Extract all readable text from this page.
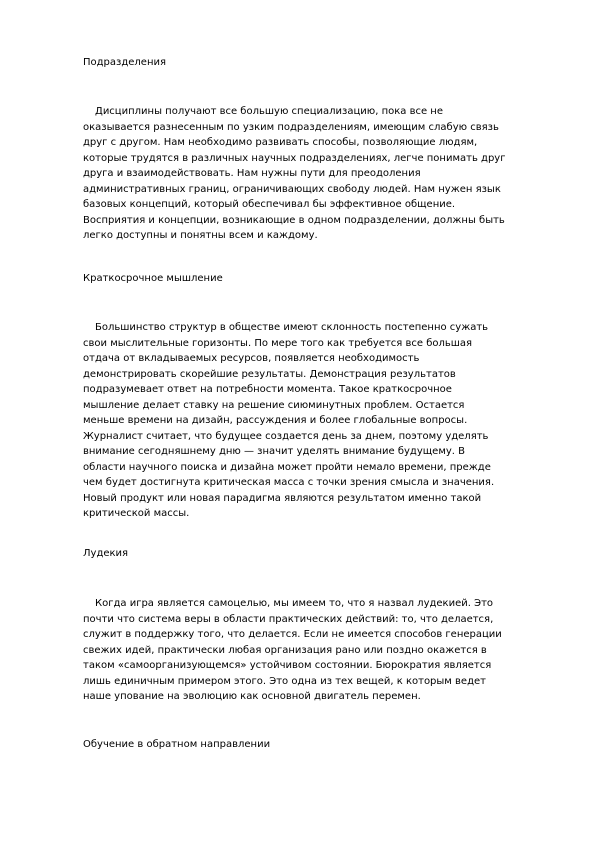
Подразделения
Дисциплины получают все большую специализацию, пока все не
оказывается разнесенным по узким подразделениям, имеющим слабую связь
друг с другом. Нам необходимо развивать способы, позволяющие людям,
которые трудятся в различных научных подразделениях, легче понимать друг
друга и взаимодействовать. Нам нужны пути для преодоления
административных границ, ограничивающих свободу людей. Нам нужен язык
базовых концепций, который обеспечивал бы эффективное общение.
Восприятия и концепции, возникающие в одном подразделении, должны быть
легко доступны и понятны всем и каждому.
Краткосрочное мышление
Большинство структур в обществе имеют склонность постепенно сужать
свои мыслительные горизонты. По мере того как требуется все большая
отдача от вкладываемых ресурсов, появляется необходимость
демонстрировать скорейшие результаты. Демонстрация результатов
подразумевает ответ на потребности момента. Такое краткосрочное
мышление делает ставку на решение сиюминутных проблем. Остается
меньше времени на дизайн, рассуждения и более глобальные вопросы.
Журналист считает, что будущее создается день за днем, поэтому уделять
внимание сегодняшнему дню — значит уделять внимание будущему. В
области научного поиска и дизайна может пройти немало времени, прежде
чем будет достигнута критическая масса с точки зрения смысла и значения.
Новый продукт или новая парадигма являются результатом именно такой
критической массы.
Лудекия
Когда игра является самоцелью, мы имеем то, что я назвал лудекией. Это
почти что система веры в области практических действий: то, что делается,
служит в поддержку того, что делается. Если не имеется способов генерации
свежих идей, практически любая организация рано или поздно окажется в
таком «самоорганизующемся» устойчивом состоянии. Бюрократия является
лишь единичным примером этого. Это одна из тех вещей, к которым ведет
наше упование на эволюцию как основной двигатель перемен.
Обучение в обратном направлении
